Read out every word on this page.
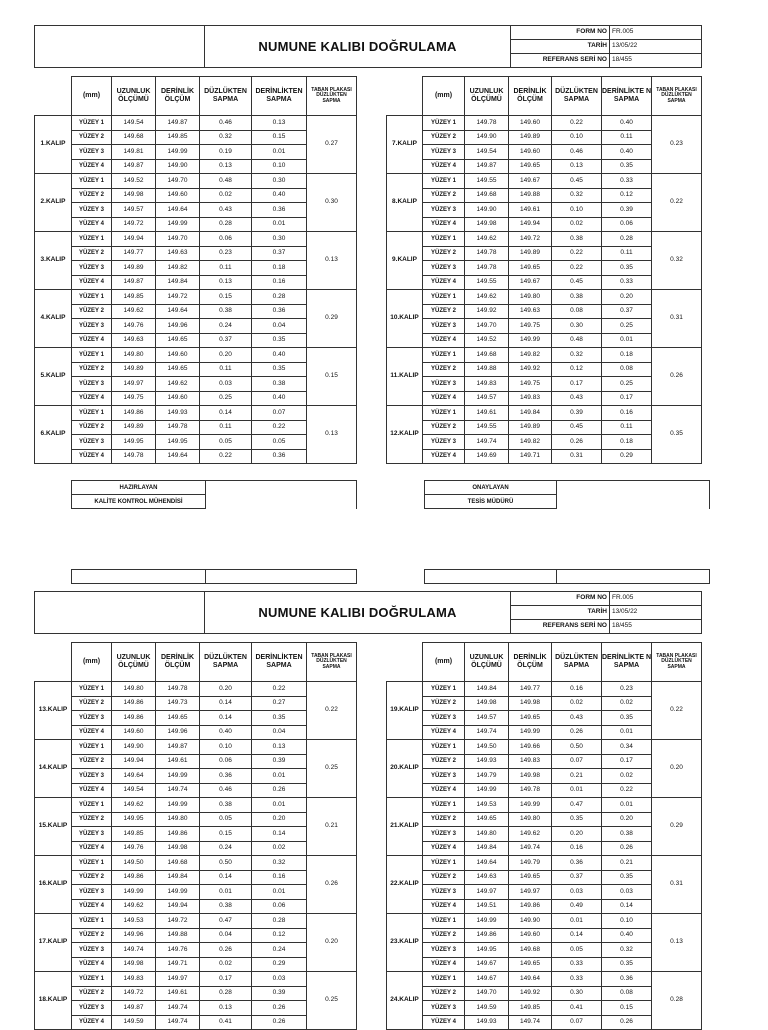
	NUMUNE KALIBI DOĞRULAMA	FORM NO	FR.005
		TARİH	13/05/22
		REFERANS SERİ NO	18/455
	(mm)	UZUNLUK ÖLÇÜMÜ	DERİNLİK ÖLÇÜM	DÜZLÜKTEN SAPMA	DERİNLİKTEN SAPMA	TABAN PLAKASI DÜZLÜKTEN SAPMA
1.KALIP	YÜZEY 1	149.54	149.87	0.46	0.13	0.27
	YÜZEY 2	149.68	149.85	0.32	0.15	
	YÜZEY 3	149.81	149.99	0.19	0.01	
	YÜZEY 4	149.87	149.90	0.13	0.10	
2.KALIP	YÜZEY 1	149.52	149.70	0.48	0.30	0.30
	YÜZEY 2	149.98	149.60	0.02	0.40	
	YÜZEY 3	149.57	149.64	0.43	0.36	
	YÜZEY 4	149.72	149.99	0.28	0.01	
3.KALIP	YÜZEY 1	149.94	149.70	0.06	0.30	0.13
	YÜZEY 2	149.77	149.63	0.23	0.37	
	YÜZEY 3	149.89	149.82	0.11	0.18	
	YÜZEY 4	149.87	149.84	0.13	0.16	
4.KALIP	YÜZEY 1	149.85	149.72	0.15	0.28	0.29
	YÜZEY 2	149.62	149.64	0.38	0.36	
	YÜZEY 3	149.76	149.96	0.24	0.04	
	YÜZEY 4	149.63	149.65	0.37	0.35	
5.KALIP	YÜZEY 1	149.80	149.60	0.20	0.40	0.15
	YÜZEY 2	149.89	149.65	0.11	0.35	
	YÜZEY 3	149.97	149.62	0.03	0.38	
	YÜZEY 4	149.75	149.60	0.25	0.40	
6.KALIP	YÜZEY 1	149.86	149.93	0.14	0.07	0.13
	YÜZEY 2	149.89	149.78	0.11	0.22	
	YÜZEY 3	149.95	149.95	0.05	0.05	
	YÜZEY 4	149.78	149.64	0.22	0.36	
	(mm)	UZUNLUK ÖLÇÜMÜ	DERİNLİK ÖLÇÜM	DÜZLÜKTEN SAPMA	DERİNLİKTE N SAPMA	TABAN PLAKASI DÜZLÜKTEN SAPMA
7.KALIP	YÜZEY 1	149.78	149.60	0.22	0.40	0.23
	YÜZEY 2	149.90	149.89	0.10	0.11	
	YÜZEY 3	149.54	149.60	0.46	0.40	
	YÜZEY 4	149.87	149.65	0.13	0.35	
8.KALIP	YÜZEY 1	149.55	149.67	0.45	0.33	0.22
	YÜZEY 2	149.68	149.88	0.32	0.12	
	YÜZEY 3	149.90	149.61	0.10	0.39	
	YÜZEY 4	149.98	149.94	0.02	0.06	
9.KALIP	YÜZEY 1	149.62	149.72	0.38	0.28	0.32
	YÜZEY 2	149.78	149.89	0.22	0.11	
	YÜZEY 3	149.78	149.65	0.22	0.35	
	YÜZEY 4	149.55	149.67	0.45	0.33	
10.KALIP	YÜZEY 1	149.62	149.80	0.38	0.20	0.31
	YÜZEY 2	149.92	149.63	0.08	0.37	
	YÜZEY 3	149.70	149.75	0.30	0.25	
	YÜZEY 4	149.52	149.99	0.48	0.01	
11.KALIP	YÜZEY 1	149.68	149.82	0.32	0.18	0.26
	YÜZEY 2	149.88	149.92	0.12	0.08	
	YÜZEY 3	149.83	149.75	0.17	0.25	
	YÜZEY 4	149.57	149.83	0.43	0.17	
12.KALIP	YÜZEY 1	149.61	149.84	0.39	0.16	0.35
	YÜZEY 2	149.55	149.89	0.45	0.11	
	YÜZEY 3	149.74	149.82	0.26	0.18	
	YÜZEY 4	149.69	149.71	0.31	0.29	
HAZIRLAYAN	
KALİTE KONTROL MÜHENDİSİ
ONAYLAYAN	
TESİS MÜDÜRÜ

	NUMUNE KALIBI DOĞRULAMA	FORM NO	FR.005
		TARİH	13/05/22
		REFERANS SERİ NO	18/455
	(mm)	UZUNLUK ÖLÇÜMÜ	DERİNLİK ÖLÇÜM	DÜZLÜKTEN SAPMA	DERİNLİKTEN SAPMA	TABAN PLAKASI DÜZLÜKTEN SAPMA
13.KALIP	YÜZEY 1	149.80	149.78	0.20	0.22	0.22
	YÜZEY 2	149.86	149.73	0.14	0.27	
	YÜZEY 3	149.86	149.65	0.14	0.35	
	YÜZEY 4	149.60	149.96	0.40	0.04	
14.KALIP	YÜZEY 1	149.90	149.87	0.10	0.13	0.25
	YÜZEY 2	149.94	149.61	0.06	0.39	
	YÜZEY 3	149.64	149.99	0.36	0.01	
	YÜZEY 4	149.54	149.74	0.46	0.26	
15.KALIP	YÜZEY 1	149.62	149.99	0.38	0.01	0.21
	YÜZEY 2	149.95	149.80	0.05	0.20	
	YÜZEY 3	149.85	149.86	0.15	0.14	
	YÜZEY 4	149.76	149.98	0.24	0.02	
16.KALIP	YÜZEY 1	149.50	149.68	0.50	0.32	0.26
	YÜZEY 2	149.86	149.84	0.14	0.16	
	YÜZEY 3	149.99	149.99	0.01	0.01	
	YÜZEY 4	149.62	149.94	0.38	0.06	
17.KALIP	YÜZEY 1	149.53	149.72	0.47	0.28	0.20
	YÜZEY 2	149.96	149.88	0.04	0.12	
	YÜZEY 3	149.74	149.76	0.26	0.24	
	YÜZEY 4	149.98	149.71	0.02	0.29	
18.KALIP	YÜZEY 1	149.83	149.97	0.17	0.03	0.25
	YÜZEY 2	149.72	149.61	0.28	0.39	
	YÜZEY 3	149.87	149.74	0.13	0.26	
	YÜZEY 4	149.59	149.74	0.41	0.26	
	(mm)	UZUNLUK ÖLÇÜMÜ	DERİNLİK ÖLÇÜM	DÜZLÜKTEN SAPMA	DERİNLİKTE N SAPMA	TABAN PLAKASI DÜZLÜKTEN SAPMA
19.KALIP	YÜZEY 1	149.84	149.77	0.16	0.23	0.22
	YÜZEY 2	149.98	149.98	0.02	0.02	
	YÜZEY 3	149.57	149.65	0.43	0.35	
	YÜZEY 4	149.74	149.99	0.26	0.01	
20.KALIP	YÜZEY 1	149.50	149.66	0.50	0.34	0.20
	YÜZEY 2	149.93	149.83	0.07	0.17	
	YÜZEY 3	149.79	149.98	0.21	0.02	
	YÜZEY 4	149.99	149.78	0.01	0.22	
21.KALIP	YÜZEY 1	149.53	149.99	0.47	0.01	0.29
	YÜZEY 2	149.65	149.80	0.35	0.20	
	YÜZEY 3	149.80	149.62	0.20	0.38	
	YÜZEY 4	149.84	149.74	0.16	0.26	
22.KALIP	YÜZEY 1	149.64	149.79	0.36	0.21	0.31
	YÜZEY 2	149.63	149.65	0.37	0.35	
	YÜZEY 3	149.97	149.97	0.03	0.03	
	YÜZEY 4	149.51	149.86	0.49	0.14	
23.KALIP	YÜZEY 1	149.99	149.90	0.01	0.10	0.13
	YÜZEY 2	149.86	149.60	0.14	0.40	
	YÜZEY 3	149.95	149.68	0.05	0.32	
	YÜZEY 4	149.67	149.65	0.33	0.35	
24.KALIP	YÜZEY 1	149.67	149.64	0.33	0.36	0.28
	YÜZEY 2	149.70	149.92	0.30	0.08	
	YÜZEY 3	149.59	149.85	0.41	0.15	
	YÜZEY 4	149.93	149.74	0.07	0.26	
